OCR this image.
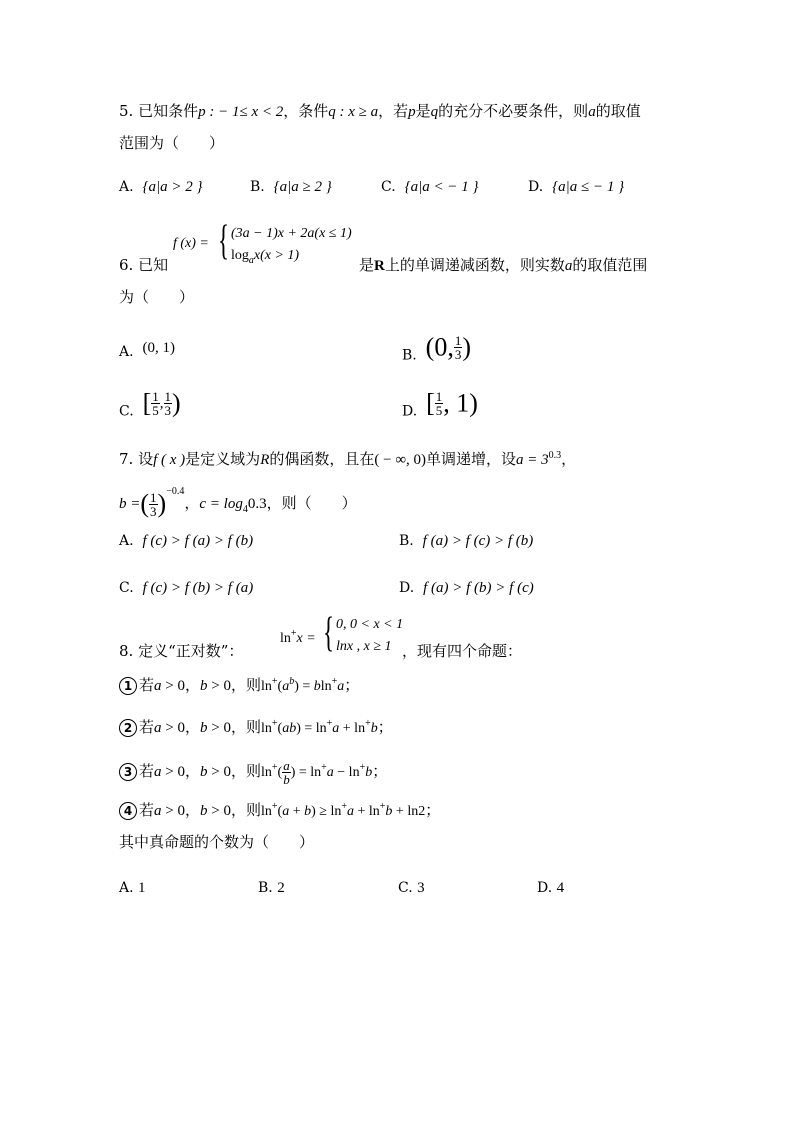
5. 已知条件p : − 1≤ x < 2，条件q : x ≥ a，若p是q的充分不必要条件，则a的取值
范围为（　　）
A. {a|a > 2 }	B. {a|a ≥ 2 }	C. {a|a < − 1 }	D. {a|a ≤ − 1 }
6. 已知
f (x) = { (3a − 1)x + 2a(x ≤ 1)
$\log_ax(x > 1)$
是R上的单调递减函数，则实数a的取值范围
为（　　）
A. (0, 1)	B. (0, $\frac{1}{3}$ )
C. [ $\frac{1}{5}$ , $\frac{1}{3}$ )	D. [ $\frac{1}{5}$ , 1)
7. 设f ( x )是定义域为R的偶函数，且在( − ∞, 0)单调递增，设$a = 3^{0.3}$，
b =( $\frac{1}{3} )^{-0.4}$，$c = \log_40.3$，则（　　）
A. f (c) > f (a) > f (b)	B. f (a) > f (c) > f (b)
C. f (c) > f (b) > f (a)	D. f (a) > f (b) > f (c)
8. 定义“正对数”：
ln+x = { 0, 0 < x < 1
lnx , x ≥ 1 ，现有四个命题：
1 若a > 0，b > 0，则$\ln^+(a^b) = bln^+a$；
2 若a > 0，b > 0，则ln+(ab) = ln+a + ln+b；
3 若a > 0，b > 0，则$\ln^+( \frac{a}{b}$ ) = ln+a − ln+b；
4 若a > 0，b > 0，则ln+(a + b) ≥ ln+a + ln+b + ln2；
其中真命题的个数为（　　）
A. 1	B. 2	C. 3	D. 4
